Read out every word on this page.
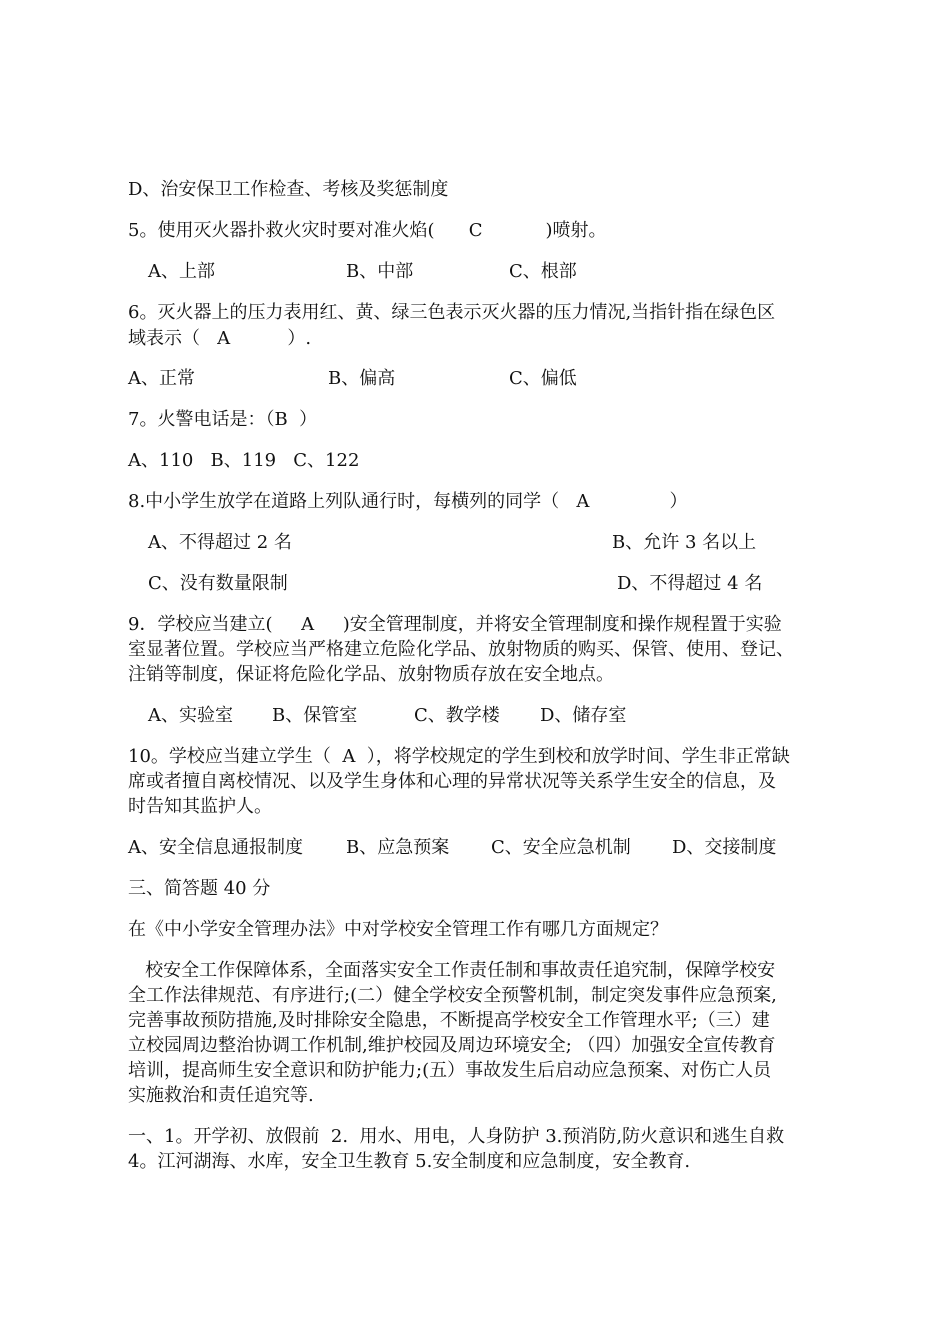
D、治安保卫工作检查、考核及奖惩制度
5。使用灭火器扑救火灾时要对准火焰(      C           )喷射。
A、上部	B、中部	C、根部
6。灭火器上的压力表用红、黄、绿三色表示灭火器的压力情况,当指针指在绿色区
域表示（   A          ）.
A、正常	B、偏高	C、偏低
7。火警电话是：（B  ）
A、110   B、119   C、122
8.中小学生放学在道路上列队通行时，每横列的同学（   A              ）
A、不得超过 2 名	B、允许 3 名以上
C、没有数量限制	D、不得超过 4 名
9．学校应当建立(     A     )安全管理制度，并将安全管理制度和操作规程置于实验
室显著位置。学校应当严格建立危险化学品、放射物质的购买、保管、使用、登记、
注销等制度，保证将危险化学品、放射物质存放在安全地点。
A、实验室 B、保管室	C、教学楼 D、储存室
10。学校应当建立学生（  A  ），将学校规定的学生到校和放学时间、学生非正常缺
席或者擅自离校情况、以及学生身体和心理的异常状况等关系学生安全的信息，及
时告知其监护人。
A、安全信息通报制度 B、应急预案 C、安全应急机制 D、交接制度
三、简答题 40 分
在《中小学安全管理办法》中对学校安全管理工作有哪几方面规定？
校安全工作保障体系，全面落实安全工作责任制和事故责任追究制，保障学校安
全工作法律规范、有序进行;(二）健全学校安全预警机制，制定突发事件应急预案,
完善事故预防措施,及时排除安全隐患，不断提高学校安全工作管理水平;（三）建
立校园周边整治协调工作机制,维护校园及周边环境安全; （四）加强安全宣传教育
培训，提高师生安全意识和防护能力;(五）事故发生后启动应急预案、对伤亡人员
实施救治和责任追究等.
一、1。开学初、放假前  2.  用水、用电，人身防护 3.预消防,防火意识和逃生自救
4。江河湖海、水库，安全卫生教育 5.安全制度和应急制度，安全教育.
